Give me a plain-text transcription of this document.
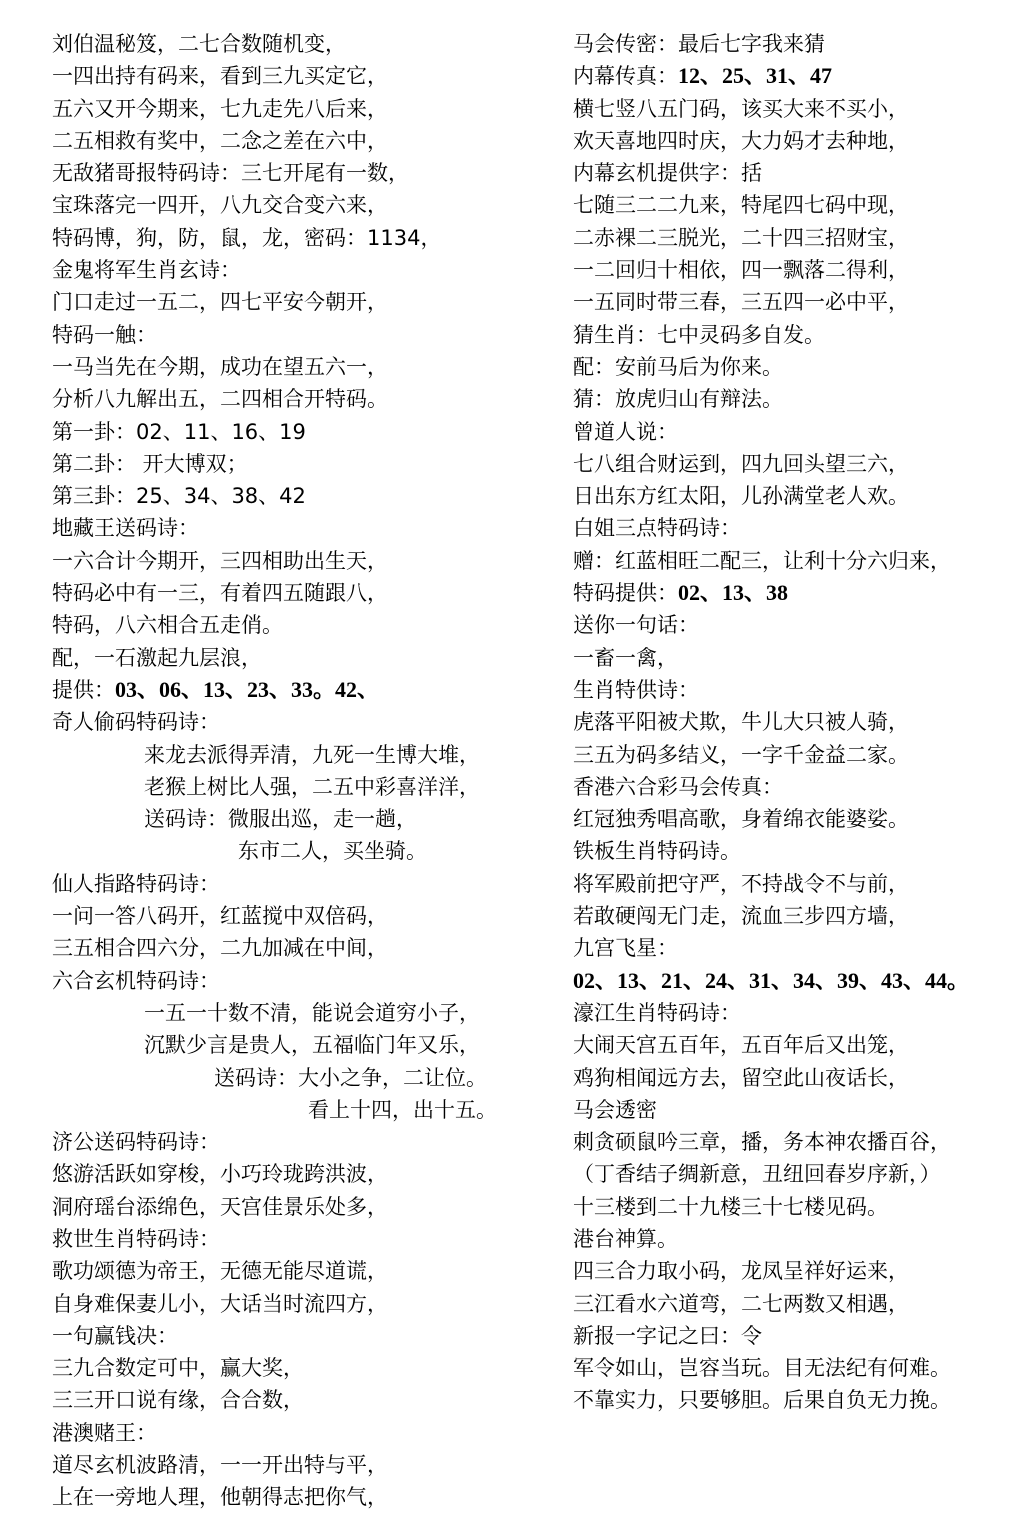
刘伯温秘笈，二七合数随机变，
一四出持有码来，看到三九买定它，
五六又开今期来，七九走先八后来，
二五相救有奖中，二念之差在六中，
无敌猪哥报特码诗：三七开尾有一数，
宝珠落完一四开，八九交合变六来，
特码博，狗，防，鼠，龙，密码：1134，
金鬼将军生肖玄诗：
门口走过一五二，四七平安今朝开，
特码一触：
一马当先在今期，成功在望五六一，
分析八九解出五，二四相合开特码。
第一卦：02、11、16、19
第二卦： 开大博双；
第三卦：25、34、38、42
地藏王送码诗：
一六合计今期开，三四相助出生天，
特码必中有一三，有着四五随跟八，
特码，八六相合五走俏。
配，一石激起九层浪，
提供：03、06、13、23、33。42、
奇人偷码特码诗：
来龙去派得弄清，九死一生博大堆，
老猴上树比人强，二五中彩喜洋洋，
送码诗：微服出巡，走一趟，
东市二人，买坐骑。
仙人指路特码诗：
一问一答八码开，红蓝搅中双倍码，
三五相合四六分，二九加减在中间，
六合玄机特码诗：
一五一十数不清，能说会道穷小子，
沉默少言是贵人，五福临门年又乐，
送码诗：大小之争，二让位。
看上十四，出十五。
济公送码特码诗：
悠游活跃如穿梭，小巧玲珑跨洪波，
洞府瑶台添绵色，天宫佳景乐处多，
救世生肖特码诗：
歌功颂德为帝王，无德无能尽道谎，
自身难保妻儿小，大话当时流四方，
一句赢钱决：
三九合数定可中，赢大奖，
三三开口说有缘，合合数，
港澳赌王：
道尽玄机波路清，一一开出特与平，
上在一旁地人理，他朝得志把你气，
马会传密：最后七字我来猜
内幕传真：12、25、31、47
横七竖八五门码，该买大来不买小，
欢天喜地四时庆，大力妈才去种地，
内幕玄机提供字：括
七随三二二九来，特尾四七码中现，
二赤裸二三脱光，二十四三招财宝，
一二回归十相依，四一飘落二得利，
一五同时带三春，三五四一必中平，
猜生肖：七中灵码多自发。
配：安前马后为你来。
猜：放虎归山有辩法。
曾道人说：
七八组合财运到，四九回头望三六，
日出东方红太阳，儿孙满堂老人欢。
白姐三点特码诗：
赠：红蓝相旺二配三，让利十分六归来，
特码提供：02、13、38
送你一句话：
一畜一禽，
生肖特供诗：
虎落平阳被犬欺，牛儿大只被人骑，
三五为码多结义，一字千金益二家。
香港六合彩马会传真：
红冠独秀唱高歌，身着绵衣能婆娑。
铁板生肖特码诗。
将军殿前把守严，不持战令不与前，
若敢硬闯无门走，流血三步四方墙，
九宫飞星：
02、13、21、24、31、34、39、43、44。
濠江生肖特码诗：
大闹天宫五百年，五百年后又出笼，
鸡狗相闻远方去，留空此山夜话长，
马会透密
刺贪硕鼠吟三章，播，务本神农播百谷，
（丁香结子绸新意，丑纽回春岁序新，）
十三楼到二十九楼三十七楼见码。
港台神算。
四三合力取小码，龙凤呈祥好运来，
三江看水六道弯，二七两数又相遇，
新报一字记之曰：令
军令如山，岂容当玩。目无法纪有何难。
不靠实力，只要够胆。后果自负无力挽。
